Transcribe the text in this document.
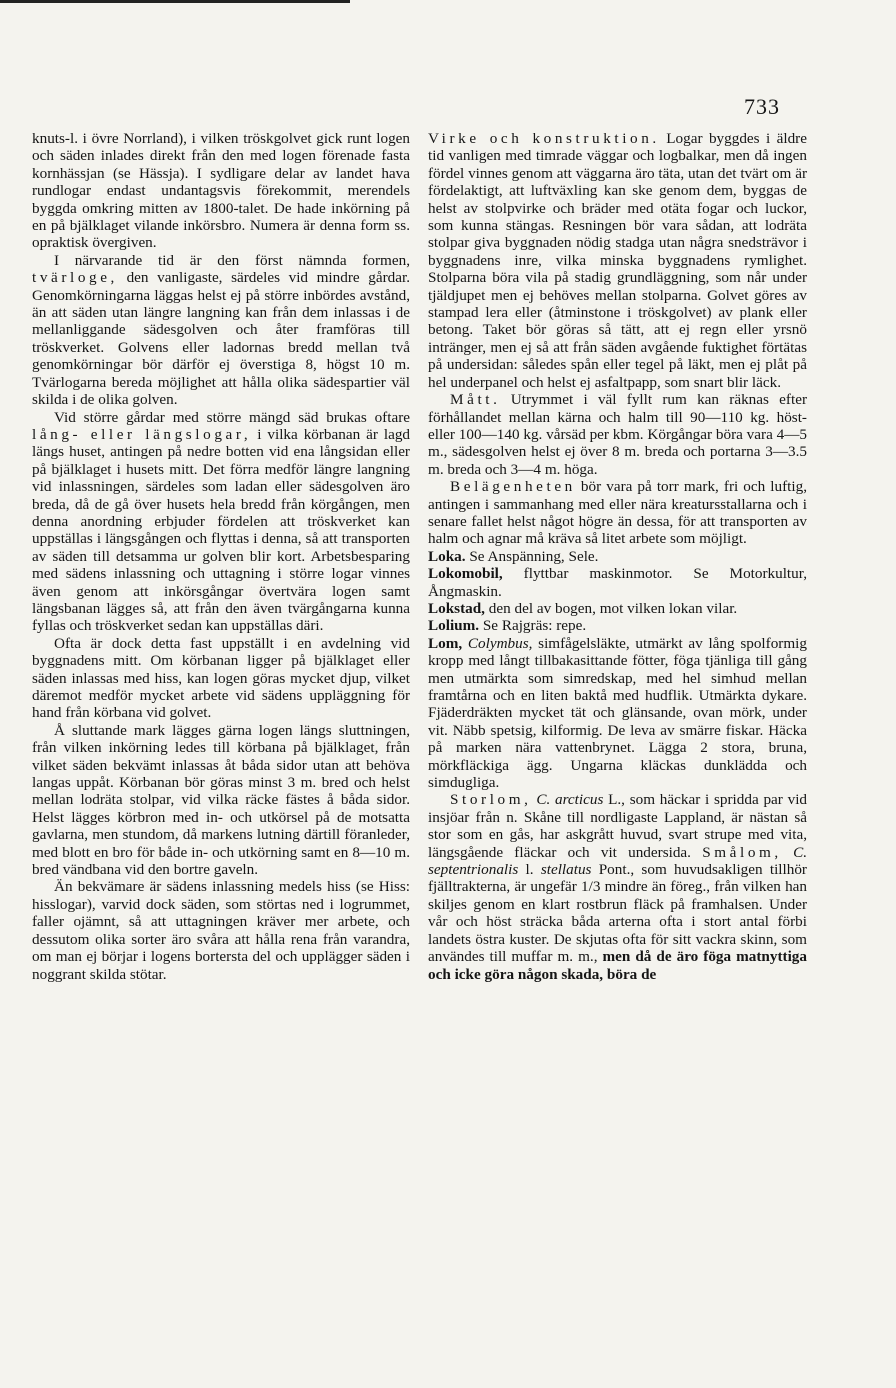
733

knuts-l. i övre Norrland), i vilken tröskgolvet gick runt logen och säden inlades direkt från den med logen förenade fasta kornhässjan (se Hässja). I sydligare delar av landet hava rundlogar endast undantagsvis förekommit, merendels byggda omkring mitten av 1800-talet. De hade inkörning på en på bjälklaget vilande inkörsbro. Numera är denna form ss. opraktisk övergiven.

I närvarande tid är den först nämnda formen, tvärloge, den vanligaste, särdeles vid mindre gårdar. Genomkörningarna läggas helst ej på större inbördes avstånd, än att säden utan längre langning kan från dem inlassas i de mellanliggande sädesgolven och åter framföras till tröskverket. Golvens eller ladornas bredd mellan två genomkörningar bör därför ej överstiga 8, högst 10 m. Tvärlogarna bereda möjlighet att hålla olika sädespartier väl skilda i de olika golven.

Vid större gårdar med större mängd säd brukas oftare lång- eller längslogar, i vilka körbanan är lagd längs huset, antingen på nedre botten vid ena långsidan eller på bjälklaget i husets mitt. Det förra medför längre langning vid inlassningen, särdeles som ladan eller sädesgolven äro breda, då de gå över husets hela bredd från körgången, men denna anordning erbjuder fördelen att tröskverket kan uppställas i längsgången och flyttas i denna, så att transporten av säden till detsamma ur golven blir kort. Arbetsbesparing med sädens inlassning och uttagning i större logar vinnes även genom att inkörsgångar övertvära logen samt längsbanan lägges så, att från den även tvärgångarna kunna fyllas och tröskverket sedan kan uppställas däri.

Ofta är dock detta fast uppställt i en avdelning vid byggnadens mitt. Om körbanan ligger på bjälklaget eller säden inlassas med hiss, kan logen göras mycket djup, vilket däremot medför mycket arbete vid sädens uppläggning för hand från körbana vid golvet.

Å sluttande mark lägges gärna logen längs sluttningen, från vilken inkörning ledes till körbana på bjälklaget, från vilket säden bekvämt inlassas åt båda sidor utan att behöva langas uppåt. Körbanan bör göras minst 3 m. bred och helst mellan lodräta stolpar, vid vilka räcke fästes å båda sidor. Helst lägges körbron med in- och utkörsel på de motsatta gavlarna, men stundom, då markens lutning därtill föranleder, med blott en bro för både in- och utkörning samt en 8—10 m. bred vändbana vid den bortre gaveln.

Än bekvämare är sädens inlassning medels hiss (se Hiss: hisslogar), varvid dock säden, som störtas ned i logrummet, faller ojämnt, så att uttagningen kräver mer arbete, och dessutom olika sorter äro svåra att hålla rena från varandra, om man ej börjar i logens bortersta del och upplägger säden i noggrant skilda stötar.

Virke och konstruktion. Logar byggdes i äldre tid vanligen med timrade väggar och logbalkar, men då ingen fördel vinnes genom att väggarna äro täta, utan det tvärt om är fördelaktigt, att luftväxling kan ske genom dem, byggas de helst av stolpvirke och bräder med otäta fogar och luckor, som kunna stängas. Resningen bör vara sådan, att lodräta stolpar giva byggnaden nödig stadga utan några snedsträvor i byggnadens inre, vilka minska byggnadens rymlighet. Stolparna böra vila på stadig grundläggning, som når under tjäldjupet men ej behöves mellan stolparna. Golvet göres av stampad lera eller (åtminstone i tröskgolvet) av plank eller betong. Taket bör göras så tätt, att ej regn eller yrsnö intränger, men ej så att från säden avgående fuktighet förtätas på undersidan: således spån eller tegel på läkt, men ej plåt på hel underpanel och helst ej asfaltpapp, som snart blir läck.

Mått. Utrymmet i väl fyllt rum kan räknas efter förhållandet mellan kärna och halm till 90—110 kg. höst- eller 100—140 kg. vårsäd per kbm. Körgångar böra vara 4—5 m., sädesgolven helst ej över 8 m. breda och portarna 3—3.5 m. breda och 3—4 m. höga.

Belägenheten bör vara på torr mark, fri och luftig, antingen i sammanhang med eller nära kreatursstallarna och i senare fallet helst något högre än dessa, för att transporten av halm och agnar må kräva så litet arbete som möjligt.

Loka. Se Anspänning, Sele.

Lokomobil, flyttbar maskinmotor. Se Motorkultur, Ångmaskin.

Lokstad, den del av bogen, mot vilken lokan vilar.

Lolium. Se Rajgräs: repe.

Lom, Colymbus, simfågelsläkte, utmärkt av lång spolformig kropp med långt tillbakasittande fötter, föga tjänliga till gång men utmärkta som simredskap, med hel simhud mellan framtårna och en liten baktå med hudflik. Utmärkta dykare. Fjäderdräkten mycket tät och glänsande, ovan mörk, under vit. Näbb spetsig, kilformig. De leva av smärre fiskar. Häcka på marken nära vattenbrynet. Lägga 2 stora, bruna, mörkfläckiga ägg. Ungarna kläckas dunklädda och simdugliga.

Storlom, C. arcticus L., som häckar i spridda par vid insjöar från n. Skåne till nordligaste Lappland, är nästan så stor som en gås, har askgrått huvud, svart strupe med vita, längsgående fläckar och vit undersida. Smålom, C. septentrionalis l. stellatus Pont., som huvudsakligen tillhör fjälltrakterna, är ungefär 1/3 mindre än föreg., från vilken han skiljes genom en klart rostbrun fläck på framhalsen. Under vår och höst sträcka båda arterna ofta i stort antal förbi landets östra kuster. De skjutas ofta för sitt vackra skinn, som användes till muffar m. m., men då de äro föga matnyttiga och icke göra någon skada, böra de
